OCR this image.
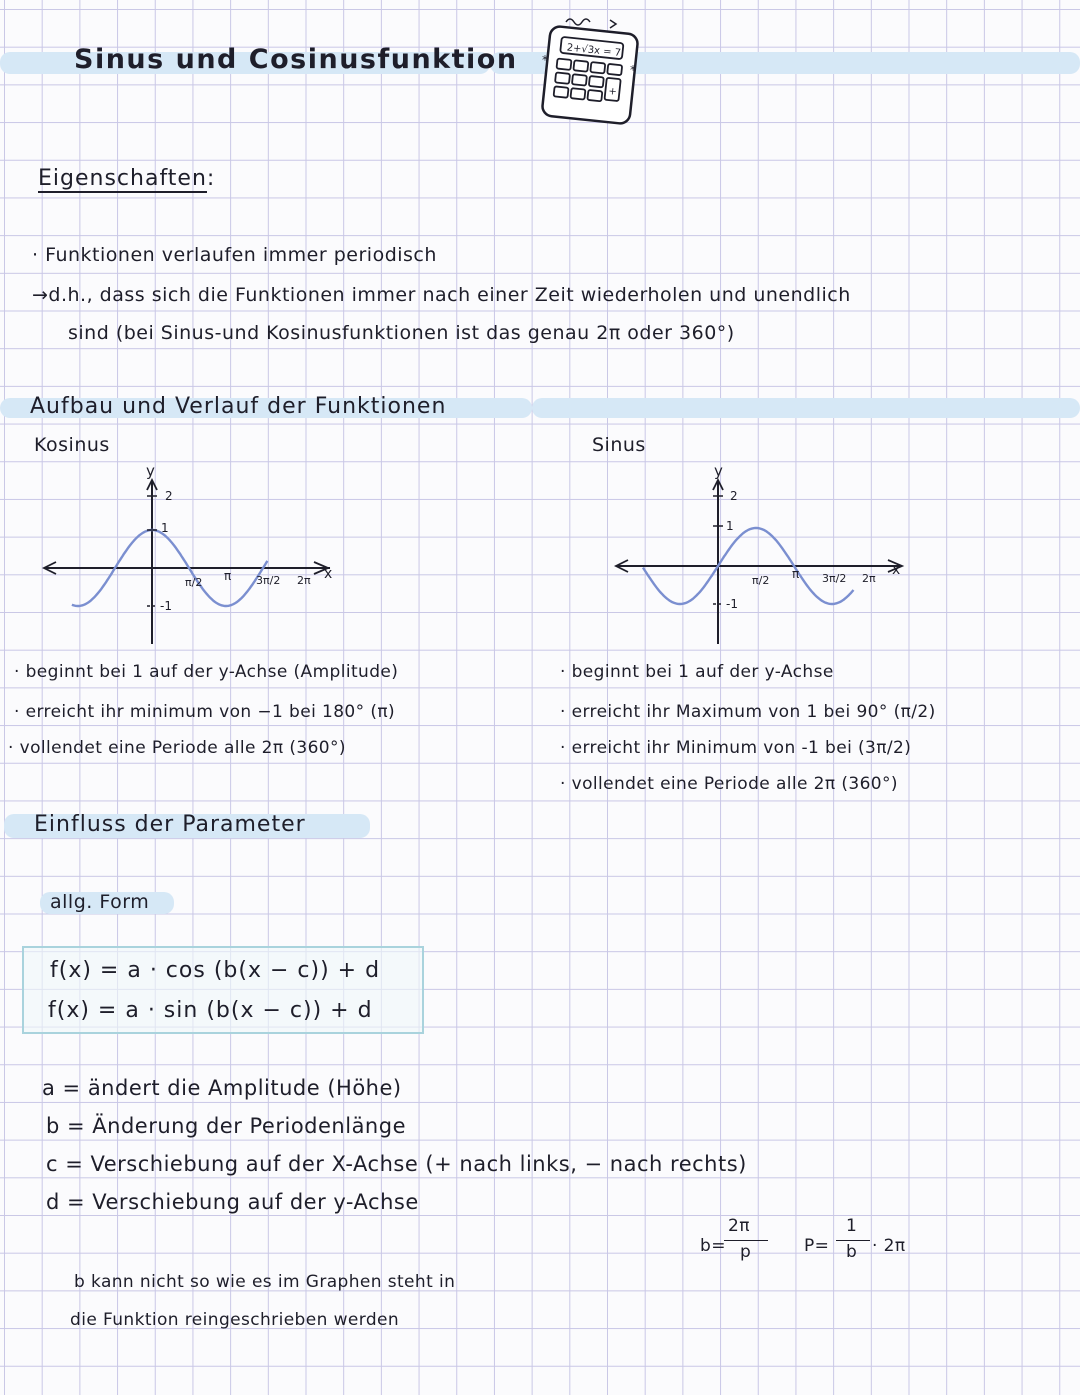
Sinus und Cosinusfunktion	2+√3x = 7
+
*
*
Eigenschaften:
· Funktionen verlaufen immer periodisch
→d.h., dass sich die Funktionen immer nach einer Zeit wiederholen und unendlich
sind (bei Sinus-und Kosinusfunktionen ist das genau 2π oder 360°)
Aufbau und Verlauf der Funktionen
Kosinus	Sinus
y
2
1
-1
π/2 π 3π/2 2π x
y
2
1
-1
π/2 π 3π/2 2π
x
· beginnt bei 1 auf der y-Achse (Amplitude)
· erreicht ihr minimum von −1 bei 180° (π)
· vollendet eine Periode alle 2π (360°)
· beginnt bei 1 auf der y-Achse
· erreicht ihr Maximum von 1 bei 90° (π/2)
· erreicht ihr Minimum von -1 bei (3π/2)
· vollendet eine Periode alle 2π (360°)
Einfluss der Parameter
allg. Form
f(x) = a · cos (b(x − c)) + d
f(x) = a · sin (b(x − c)) + d
a = ändert die Amplitude (Höhe)
b = Änderung der Periodenlänge
c = Verschiebung auf der X-Achse (+ nach links, − nach rechts)
d = Verschiebung auf der y-Achse
b=
2π
p	P=
1
b · 2π
b kann nicht so wie es im Graphen steht in
die Funktion reingeschrieben werden
